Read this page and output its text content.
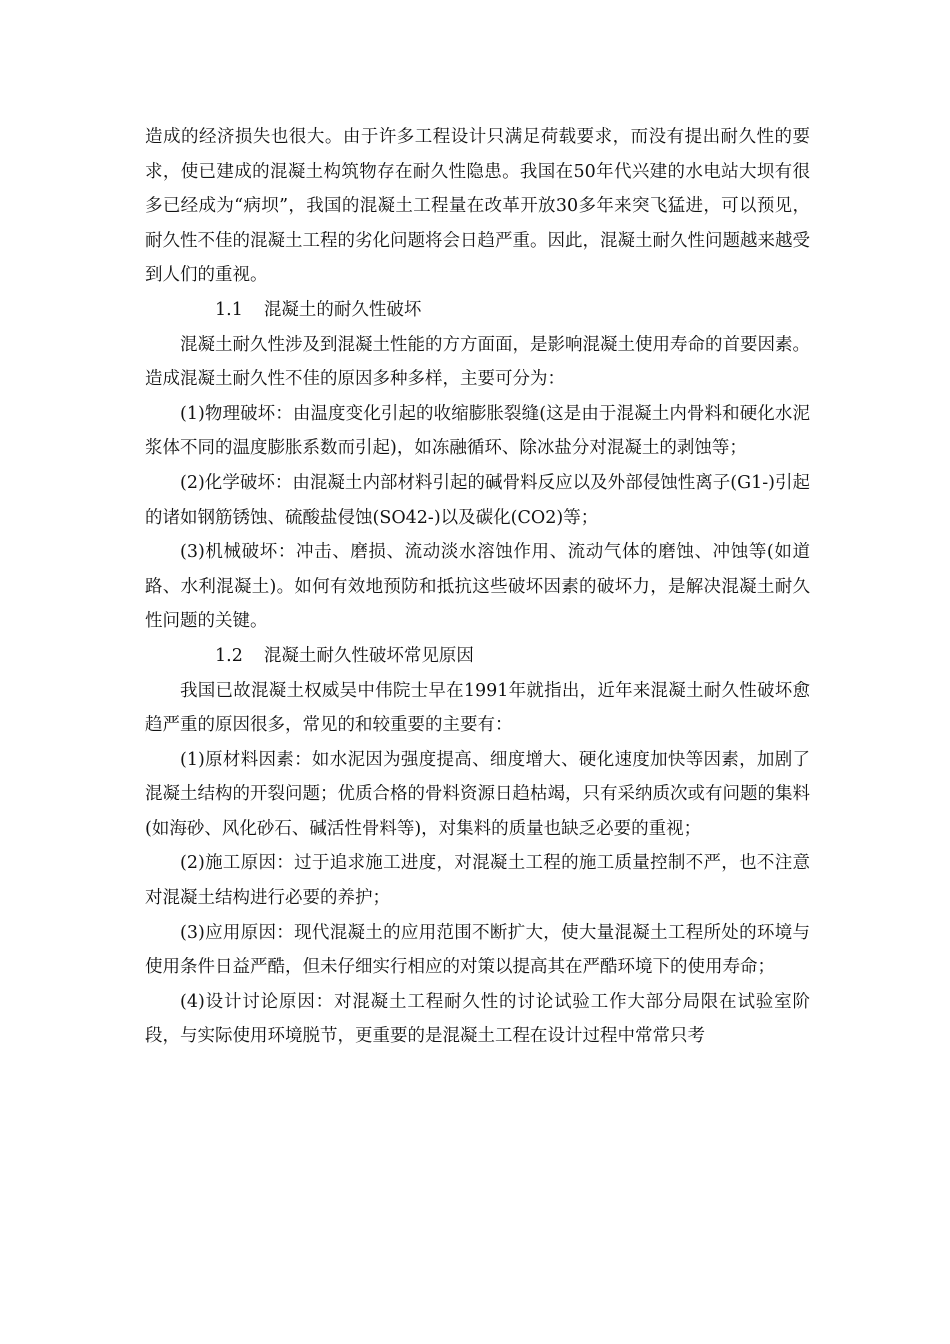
造成的经济损失也很大。由于许多工程设计只满足荷载要求，而没有提出耐久性的要求，使已建成的混凝土构筑物存在耐久性隐患。我国在50年代兴建的水电站大坝有很多已经成为“病坝”，我国的混凝土工程量在改革开放30多年来突飞猛进，可以预见，耐久性不佳的混凝土工程的劣化问题将会日趋严重。因此，混凝土耐久性问题越来越受到人们的重视。

1.1 混凝土的耐久性破坏

混凝土耐久性涉及到混凝土性能的方方面面，是影响混凝土使用寿命的首要因素。造成混凝土耐久性不佳的原因多种多样，主要可分为：

(1)物理破坏：由温度变化引起的收缩膨胀裂缝(这是由于混凝土内骨料和硬化水泥浆体不同的温度膨胀系数而引起)，如冻融循环、除冰盐分对混凝土的剥蚀等；

(2)化学破坏：由混凝土内部材料引起的碱骨料反应以及外部侵蚀性离子(G1-)引起的诸如钢筋锈蚀、硫酸盐侵蚀(SO42-)以及碳化(CO2)等；

(3)机械破坏：冲击、磨损、流动淡水溶蚀作用、流动气体的磨蚀、冲蚀等(如道路、水利混凝土)。如何有效地预防和抵抗这些破坏因素的破坏力，是解决混凝土耐久性问题的关键。

1.2 混凝土耐久性破坏常见原因

我国已故混凝土权威吴中伟院士早在1991年就指出，近年来混凝土耐久性破坏愈趋严重的原因很多，常见的和较重要的主要有：

(1)原材料因素：如水泥因为强度提高、细度增大、硬化速度加快等因素，加剧了混凝土结构的开裂问题；优质合格的骨料资源日趋枯竭，只有采纳质次或有问题的集料(如海砂、风化砂石、碱活性骨料等)，对集料的质量也缺乏必要的重视；

(2)施工原因：过于追求施工进度，对混凝土工程的施工质量控制不严，也不注意对混凝土结构进行必要的养护；

(3)应用原因：现代混凝土的应用范围不断扩大，使大量混凝土工程所处的环境与使用条件日益严酷，但未仔细实行相应的对策以提高其在严酷环境下的使用寿命；

(4)设计讨论原因：对混凝土工程耐久性的讨论试验工作大部分局限在试验室阶段，与实际使用环境脱节，更重要的是混凝土工程在设计过程中常常只考
